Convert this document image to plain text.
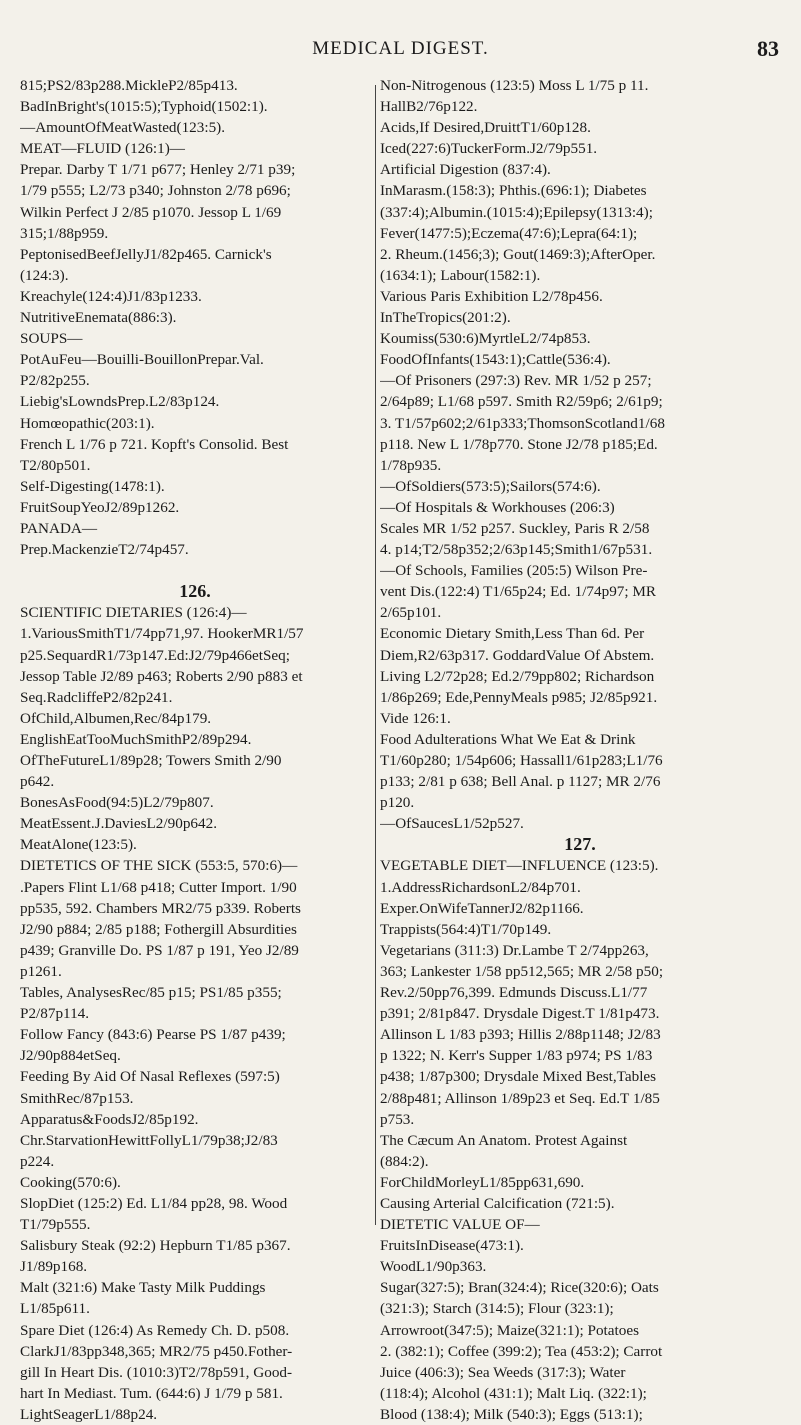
MEDICAL DIGEST.	83
815;PS2/83p288.MickleP2/85p413.
BadInBright's(1015:5);Typhoid(1502:1).
—AmountOfMeatWasted(123:5).
MEAT—FLUID (126:1)—
Prepar. Darby T 1/71 p677; Henley 2/71 p39;
1/79 p555; L2/73 p340; Johnston 2/78 p696;
Wilkin Perfect J 2/85 p1070. Jessop L 1/69
315;1/88p959.
PeptonisedBeefJellyJ1/82p465. Carnick's
(124:3).
Kreachyle(124:4)J1/83p1233.
NutritiveEnemata(886:3).
SOUPS—
PotAuFeu—Bouilli-BouillonPrepar.Val.
P2/82p255.
Liebig'sLowndsPrep.L2/83p124.
Homœopathic(203:1).
French L 1/76 p 721. Kopft's Consolid. Best
T2/80p501.
Self-Digesting(1478:1).
FruitSoupYeoJ2/89p1262.
PANADA—
Prep.MackenzieT2/74p457.
126.
SCIENTIFIC DIETARIES (126:4)—
1.VariousSmithT1/74pp71,97. HookerMR1/57
p25.SequardR1/73p147.Ed:J2/79p466etSeq;
Jessop Table J2/89 p463; Roberts 2/90 p883 et
Seq.RadcliffeP2/82p241.
OfChild,Albumen,Rec/84p179.
EnglishEatTooMuchSmithP2/89p294.
OfTheFutureL1/89p28; Towers Smith 2/90
p642.
BonesAsFood(94:5)L2/79p807.
MeatEssent.J.DaviesL2/90p642.
MeatAlone(123:5).
DIETETICS OF THE SICK (553:5, 570:6)—
.Papers Flint L1/68 p418; Cutter Import. 1/90
pp535, 592. Chambers MR2/75 p339. Roberts
J2/90 p884; 2/85 p188; Fothergill Absurdities
p439; Granville Do. PS 1/87 p 191, Yeo J2/89
p1261.
Tables, AnalysesRec/85 p15; PS1/85 p355;
P2/87p114.
Follow Fancy (843:6) Pearse PS 1/87 p439;
J2/90p884etSeq.
Feeding By Aid Of Nasal Reflexes (597:5)
SmithRec/87p153.
Apparatus&FoodsJ2/85p192.
Chr.StarvationHewittFollyL1/79p38;J2/83
p224.
Cooking(570:6).
SlopDiet (125:2) Ed. L1/84 pp28, 98. Wood
T1/79p555.
Salisbury Steak (92:2) Hepburn T1/85 p367.
J1/89p168.
Malt (321:6) Make Tasty Milk Puddings
L1/85p611.
Spare Diet (126:4) As Remedy Ch. D. p508.
ClarkJ1/83pp348,365; MR2/75 p450.Fother-
gill In Heart Dis. (1010:3)T2/78p591, Good-
hart In Mediast. Tum. (644:6) J 1/79 p 581.
LightSeagerL1/88p24.
Non-Nitrogenous (123:5) Moss L 1/75 p 11.
HallB2/76p122.
Acids,If Desired,DruittT1/60p128.
Iced(227:6)TuckerForm.J2/79p551.
Artificial Digestion (837:4).
InMarasm.(158:3); Phthis.(696:1); Diabetes
(337:4);Albumin.(1015:4);Epilepsy(1313:4);
Fever(1477:5);Eczema(47:6);Lepra(64:1);
2. Rheum.(1456;3); Gout(1469:3);AfterOper.
(1634:1); Labour(1582:1).
Various Paris Exhibition L2/78p456.
InTheTropics(201:2).
Koumiss(530:6)MyrtleL2/74p853.
FoodOfInfants(1543:1);Cattle(536:4).
—Of Prisoners (297:3) Rev. MR 1/52 p 257;
2/64p89; L1/68 p597. Smith R2/59p6; 2/61p9;
3. T1/57p602;2/61p333;ThomsonScotland1/68
p118. New L 1/78p770. Stone J2/78 p185;Ed.
1/78p935.
—OfSoldiers(573:5);Sailors(574:6).
—Of Hospitals & Workhouses (206:3)
Scales MR 1/52 p257. Suckley, Paris R 2/58
4. p14;T2/58p352;2/63p145;Smith1/67p531.
—Of Schools, Families (205:5) Wilson Pre-
vent Dis.(122:4) T1/65p24; Ed. 1/74p97; MR
2/65p101.
Economic Dietary Smith,Less Than 6d. Per
Diem,R2/63p317. GoddardValue Of Abstem.
Living L2/72p28; Ed.2/79pp802; Richardson
1/86p269; Ede,PennyMeals p985; J2/85p921.
Vide 126:1.
Food Adulterations What We Eat & Drink
T1/60p280; 1/54p606; Hassall1/61p283;L1/76
p133; 2/81 p 638; Bell Anal. p 1127; MR 2/76
p120.
—OfSaucesL1/52p527.
127.
VEGETABLE DIET—INFLUENCE (123:5).
1.AddressRichardsonL2/84p701.
Exper.OnWifeTannerJ2/82p1166.
Trappists(564:4)T1/70p149.
Vegetarians (311:3) Dr.Lambe T 2/74pp263,
363; Lankester 1/58 pp512,565; MR 2/58 p50;
Rev.2/50pp76,399. Edmunds Discuss.L1/77
p391; 2/81p847. Drysdale Digest.T 1/81p473.
Allinson L 1/83 p393; Hillis 2/88p1148; J2/83
p 1322; N. Kerr's Supper 1/83 p974; PS 1/83
p438; 1/87p300; Drysdale Mixed Best,Tables
2/88p481; Allinson 1/89p23 et Seq. Ed.T 1/85
p753.
The Cæcum An Anatom. Protest Against
(884:2).
ForChildMorleyL1/85pp631,690.
Causing Arterial Calcification (721:5).
DIETETIC VALUE OF—
FruitsInDisease(473:1).
WoodL1/90p363.
Sugar(327:5); Bran(324:4); Rice(320:6); Oats
(321:3); Starch (314:5); Flour (323:1);
Arrowroot(347:5); Maize(321:1); Potatoes
2. (382:1); Coffee (399:2); Tea (453:2); Carrot
Juice (406:3); Sea Weeds (317:3); Water
(118:4); Alcohol (431:1); Malt Liq. (322:1);
Blood (138:4); Milk (540:3); Eggs (513:1);
